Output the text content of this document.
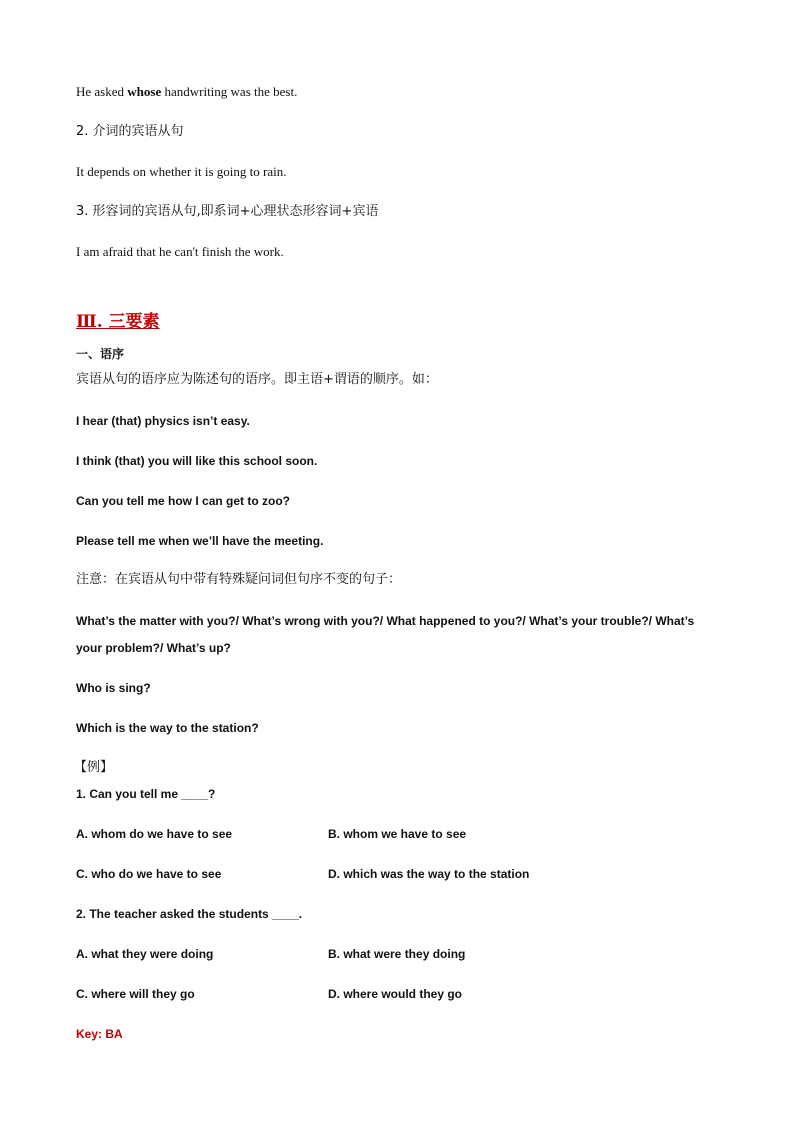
He asked whose handwriting was the best.
2. 介词的宾语从句
It depends on whether it is going to rain.
3. 形容词的宾语从句,即系词+心理状态形容词+宾语
I am afraid that he can't finish the work.
Ⅲ. 三要素
一、语序
宾语从句的语序应为陈述句的语序。即主语+谓语的顺序。如：
I hear (that) physics isn’t easy.
I think (that) you will like this school soon.
Can you tell me how I can get to zoo?
Please tell me when we’ll have the meeting.
注意：在宾语从句中带有特殊疑问词但句序不变的句子：
What’s the matter with you?/ What’s wrong with you?/ What happened to you?/ What’s your trouble?/ What’s
your problem?/ What’s up?
Who is sing?
Which is the way to the station?
【例】
1. Can you tell me ____?
A. whom do we have to see	B. whom we have to see
C. who do we have to see	D. which was the way to the station
2. The teacher asked the students ____.
A. what they were doing	B. what were they doing
C. where will they go	D. where would they go
Key: BA
